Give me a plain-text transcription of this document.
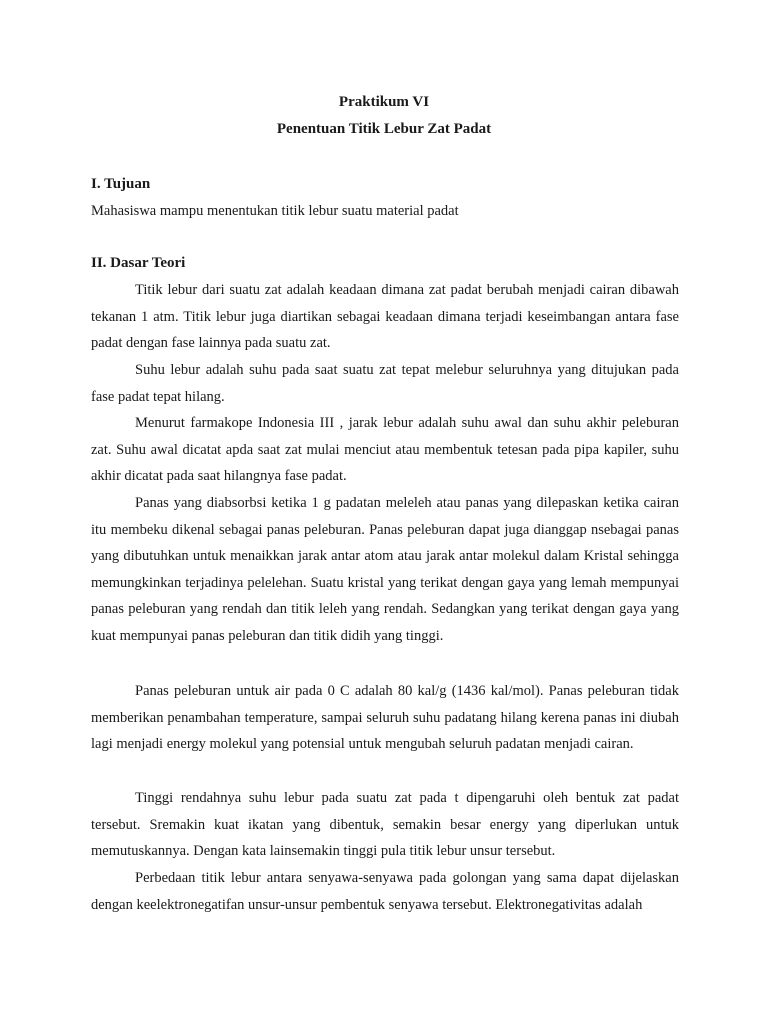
Praktikum VI

Penentuan Titik Lebur Zat Padat

I. Tujuan

Mahasiswa mampu menentukan titik lebur suatu material padat

II. Dasar Teori

Titik lebur dari suatu zat adalah keadaan dimana zat padat berubah menjadi cairan dibawah tekanan 1 atm. Titik lebur juga diartikan sebagai keadaan dimana terjadi keseimbangan antara fase padat dengan fase lainnya pada suatu zat.

Suhu lebur adalah suhu pada saat suatu zat tepat melebur seluruhnya yang ditujukan pada fase padat tepat hilang.

Menurut farmakope Indonesia III , jarak lebur adalah suhu awal dan suhu akhir peleburan zat. Suhu awal dicatat apda saat zat mulai menciut atau membentuk tetesan pada pipa kapiler, suhu akhir dicatat pada saat hilangnya fase padat.

Panas yang diabsorbsi ketika 1 g padatan meleleh atau panas yang dilepaskan ketika cairan itu membeku dikenal sebagai panas peleburan. Panas peleburan dapat juga dianggap nsebagai panas yang dibutuhkan untuk menaikkan jarak antar atom atau jarak antar molekul dalam Kristal sehingga memungkinkan terjadinya pelelehan. Suatu kristal yang terikat dengan gaya yang lemah mempunyai panas peleburan yang rendah dan titik leleh yang rendah. Sedangkan yang terikat dengan gaya yang kuat mempunyai panas peleburan dan titik didih yang tinggi.

Panas peleburan untuk air pada 0 C adalah 80 kal/g (1436 kal/mol). Panas peleburan tidak memberikan penambahan temperature, sampai seluruh suhu padatang hilang kerena panas ini diubah lagi menjadi energy molekul yang potensial untuk mengubah seluruh padatan menjadi cairan.

Tinggi rendahnya suhu lebur pada suatu zat pada t dipengaruhi oleh bentuk zat padat tersebut. Sremakin kuat ikatan yang dibentuk, semakin besar energy yang diperlukan untuk memutuskannya. Dengan kata lainsemakin tinggi pula titik lebur unsur tersebut.

Perbedaan titik lebur antara senyawa-senyawa pada golongan yang sama dapat dijelaskan dengan keelektronegatifan unsur-unsur pembentuk senyawa tersebut. Elektronegativitas adalah
